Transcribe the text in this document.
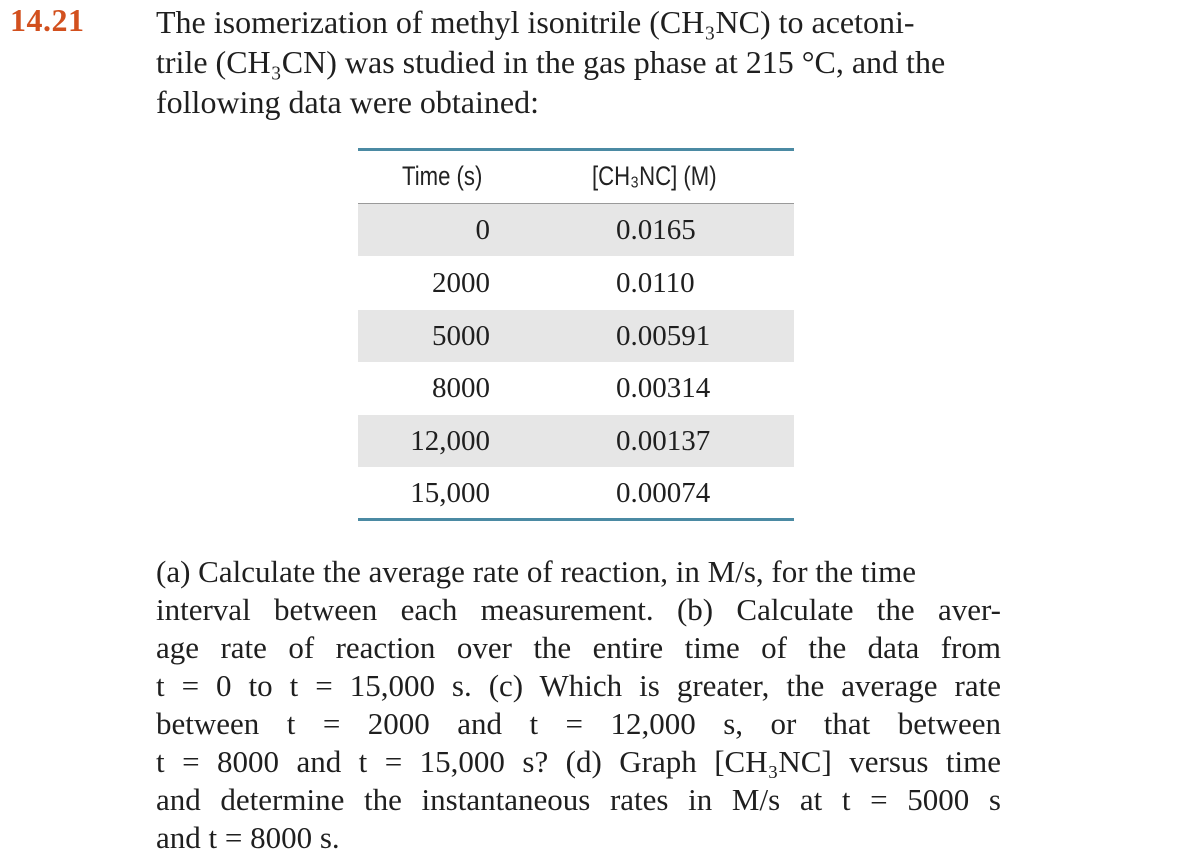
14.21 The isomerization of methyl isonitrile (CH₃NC) to acetoni-
trile (CH₃CN) was studied in the gas phase at 215 °C, and the
following data were obtained:
Time (s)	[CH₃NC] (M)
0	0.0165
2000	0.0110
5000	0.00591
8000	0.00314
12,000	0.00137
15,000	0.00074
(a) Calculate the average rate of reaction, in M/s, for the time
interval between each measurement. (b) Calculate the aver-
age rate of reaction over the entire time of the data from
t = 0 to t = 15,000 s. (c) Which is greater, the average rate
between t = 2000 and t = 12,000 s, or that between
t = 8000 and t = 15,000 s? (d) Graph [CH₃NC] versus time
and determine the instantaneous rates in M/s at t = 5000 s
and t = 8000 s.
